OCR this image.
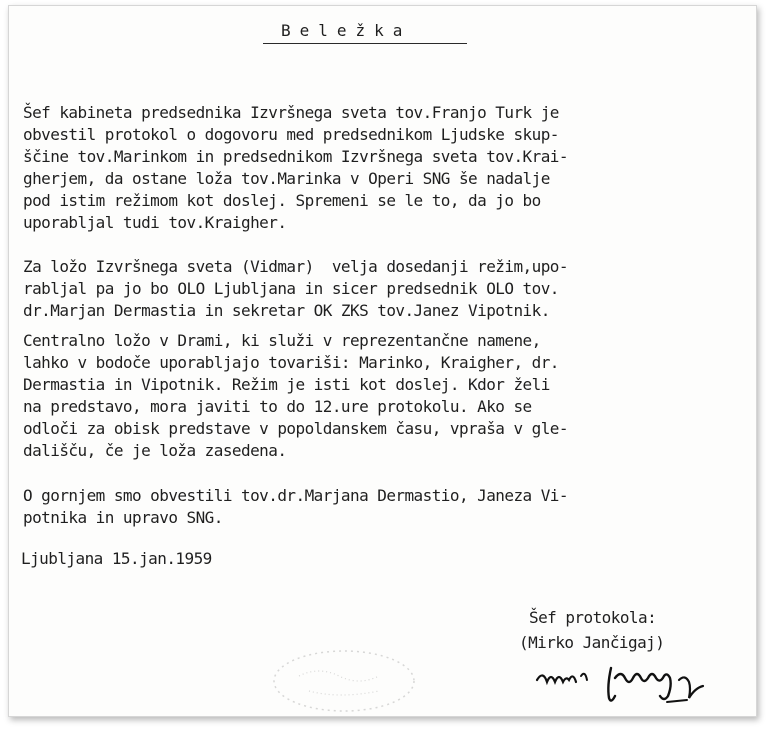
Beležka
Šef kabineta predsednika Izvršnega sveta tov.Franjo Turk je
obvestil protokol o dogovoru med predsednikom Ljudske skup-
ščine tov.Marinkom in predsednikom Izvršnega sveta tov.Krai-
gherjem, da ostane loža tov.Marinka v Operi SNG še nadalje
pod istim režimom kot doslej. Spremeni se le to, da jo bo
uporabljal tudi tov.Kraigher.
Za ložo Izvršnega sveta (Vidmar)  velja dosedanji režim,upo-
rabljal pa jo bo OLO Ljubljana in sicer predsednik OLO tov.
dr.Marjan Dermastia in sekretar OK ZKS tov.Janez Vipotnik.
Centralno ložo v Drami, ki služi v reprezentančne namene,
lahko v bodoče uporabljajo tovariši: Marinko, Kraigher, dr.
Dermastia in Vipotnik. Režim je isti kot doslej. Kdor želi
na predstavo, mora javiti to do 12.ure protokolu. Ako se
odloči za obisk predstave v popoldanskem času, vpraša v gle-
dališču, če je loža zasedena.
O gornjem smo obvestili tov.dr.Marjana Dermastio, Janeza Vi-
potnika in upravo SNG.
Ljubljana 15.jan.1959
Šef protokola:
(Mirko Jančigaj)
